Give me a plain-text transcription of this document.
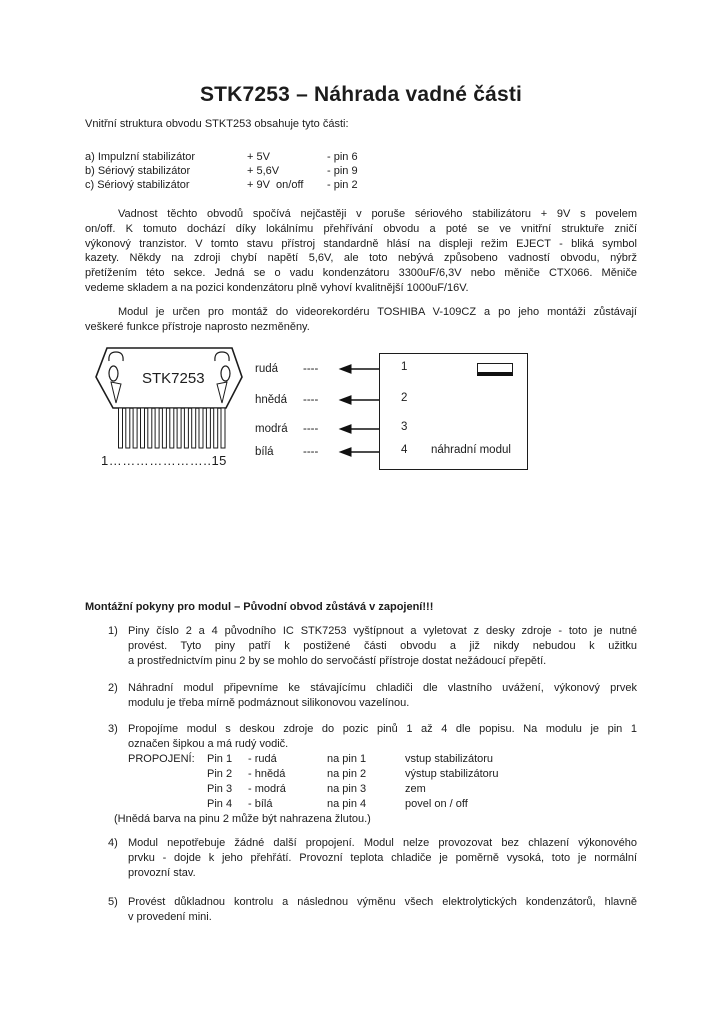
STK7253 – Náhrada vadné části
Vnitřní struktura obvodu STKT253 obsahuje tyto části:
a) Impulzní stabilizátor	+ 5V	- pin 6
b) Sériový stabilizátor	+ 5,6V	- pin 9
c) Sériový stabilizátor	+ 9V  on/off	- pin 2
Vadnost těchto obvodů spočívá nejčastěji v poruše sériového stabilizátoru + 9V s povelem
on/off. K tomuto dochází díky lokálnímu přehřívání obvodu a poté se ve vnitřní struktuře zničí
výkonový tranzistor. V tomto stavu přístroj standardně hlásí na displeji režim EJECT - bliká symbol
kazety. Někdy na zdroji chybí napětí 5,6V, ale toto nebývá způsobeno vadností obvodu, nýbrž
přetížením této sekce. Jedná se o vadu kondenzátoru 3300uF/6,3V nebo měniče CTX066. Měniče
vedeme skladem a na pozici kondenzátoru plně vyhoví kvalitnější 1000uF/16V.
Modul je určen pro montáž do videorekordéru TOSHIBA V-109CZ a po jeho montáži zůstávají
veškeré funkce přístroje naprosto nezměněny.
STK7253
1…………………..15
rudá	----
hnědá	----
modrá	----
bílá	----
1
2
3
4 náhradní modul
Montážní pokyny pro modul – Původní obvod zůstává v zapojení!!!
1) Piny číslo 2 a 4 původního IC STK7253 vyštípnout a vyletovat z desky zdroje - toto je nutné
provést. Tyto piny patří k postižené části obvodu a již nikdy nebudou k užitku
a prostřednictvím pinu 2 by se mohlo do servočástí přístroje dostat nežádoucí přepětí.
2) Náhradní modul připevníme ke stávajícímu chladiči dle vlastního uvážení, výkonový prvek
modulu je třeba mírně podmáznout silikonovou vazelínou.
3) Propojíme modul s deskou zdroje do pozic pinů 1 až 4 dle popisu. Na modulu je pin 1
označen šipkou a má rudý vodič.
PROPOJENÍ:	Pin 1	- rudá	na pin 1	vstup stabilizátoru
Pin 2	- hnědá	na pin 2	výstup stabilizátoru
Pin 3	- modrá	na pin 3	zem
Pin 4	- bílá	na pin 4	povel on / off
(Hnědá barva na pinu 2 může být nahrazena žlutou.)
4) Modul nepotřebuje žádné další propojení. Modul nelze provozovat bez chlazení výkonového
prvku - dojde k jeho přehřátí. Provozní teplota chladiče je poměrně vysoká, toto je normální
provozní stav.
5) Provést důkladnou kontrolu a následnou výměnu všech elektrolytických kondenzátorů, hlavně
v provedení mini.
